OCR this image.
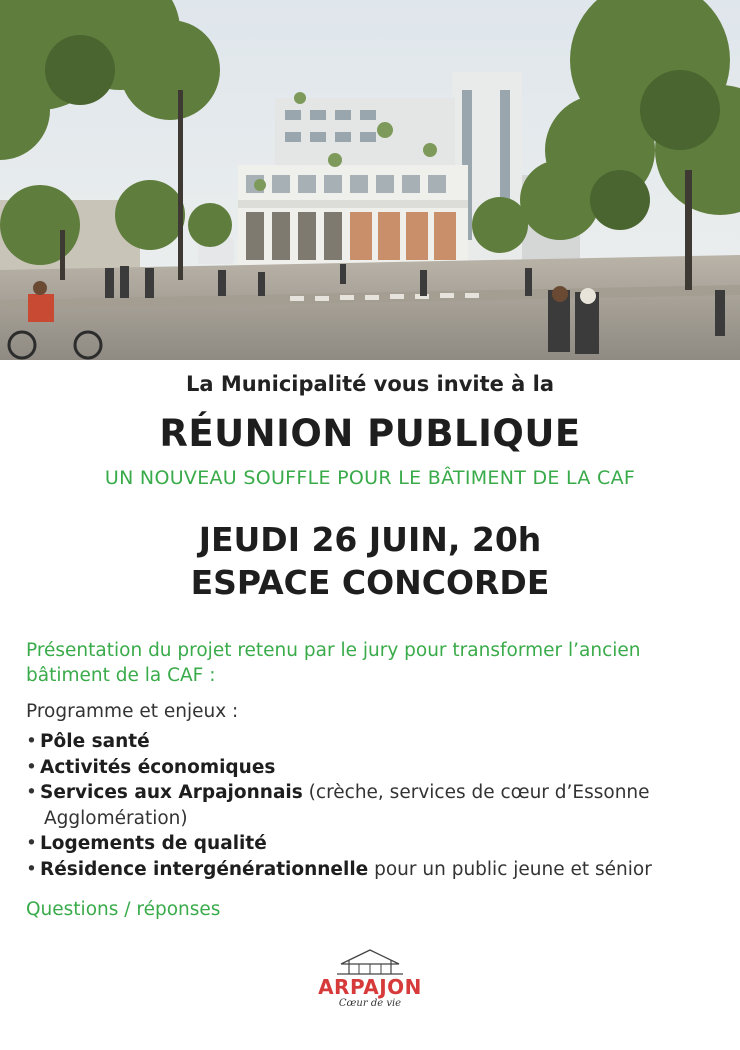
La Municipalité vous invite à la
RÉUNION PUBLIQUE
UN NOUVEAU SOUFFLE POUR LE BÂTIMENT DE LA CAF
JEUDI 26 JUIN, 20h
ESPACE CONCORDE
Présentation du projet retenu par le jury pour transformer l’ancien bâtiment de la CAF :
Programme et enjeux :
• Pôle santé
• Activités économiques
• Services aux Arpajonnais (crèche, services de cœur d’Essonne
Agglomération)
• Logements de qualité
• Résidence intergénérationnelle pour un public jeune et sénior
Questions / réponses
ARPAJON
Cœur de vie
